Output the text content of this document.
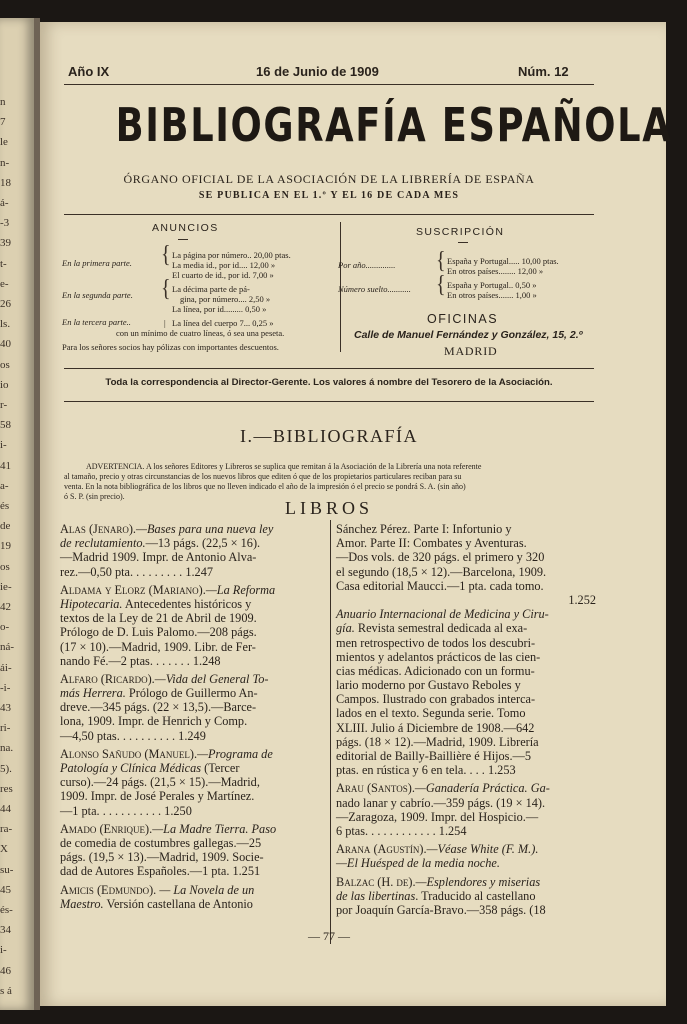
n
7
le
n-
18
á-
-3
39
t-
e-
26
ls.
40
os
io
r-
58
i-
41
a-
és
de
19
os
ie-
42
o-
ná-
ái-
-i-
43
ri-
na.
5).
res
44
ra-
X
su-
45
és-
34
i-
46
s á
Año IX	16 de Junio de 1909	Núm. 12
BIBLIOGRAFÍA ESPAÑOLA
ÓRGANO OFICIAL DE LA ASOCIACIÓN DE LA LIBRERÍA DE ESPAÑA
SE PUBLICA EN EL 1.º Y EL 16 DE CADA MES
ANUNCIOS
En la primera parte. { La página por número.. 20,00 ptas.
La media id., por id.... 12,00 »
El cuarto de id., por id. 7,00 »
En la segunda parte. { La décima parte de pá-
gina, por número.... 2,50 »
La línea, por id......... 0,50 »
En la tercera parte..	| La línea del cuerpo 7... 0,25 »
con un mínimo de cuatro líneas, ó sea una peseta.
Para los señores socios hay pólizas con importantes descuentos.
SUSCRIPCIÓN
Por año.............. { España y Portugal..... 10,00 ptas.
En otros países........ 12,00 »
Número suelto........... { España y Portugal.. 0,50 »
En otros países....... 1,00 »
OFICINAS
Calle de Manuel Fernández y González, 15, 2.º
MADRID
Toda la correspondencia al Director-Gerente. Los valores á nombre del Tesorero de la Asociación.
I.—BIBLIOGRAFÍA
ADVERTENCIA. A los señores Editores y Libreros se suplica que remitan á la Asociación de la Librería una nota referente
al tamaño, precio y otras circunstancias de los nuevos libros que editen ó que de los propietarios particulares reciban para su
venta. En la nota bibliográfica de los libros que no lleven indicado el año de la impresión ó el precio se pondrá S. A. (sin año)
ó S. P. (sin precio).
LIBROS
Alas (Jenaro).—Bases para una nueva ley
de reclutamiento.—13 págs. (22,5 × 16).
—Madrid 1909. Impr. de Antonio Alva-
rez.—0,50 pta. . . . . . . . . 1.247
Aldama y Elorz (Mariano).—La Reforma
Hipotecaria. Antecedentes históricos y
textos de la Ley de 21 de Abril de 1909.
Prólogo de D. Luis Palomo.—208 págs.
(17 × 10).—Madrid, 1909. Libr. de Fer-
nando Fé.—2 ptas. . . . . . . 1.248
Alfaro (Ricardo).—Vida del General To-
más Herrera. Prólogo de Guillermo An-
dreve.—345 págs. (22 × 13,5).—Barce-
lona, 1909. Impr. de Henrich y Comp.
—4,50 ptas. . . . . . . . . . 1.249
Alonso Sañudo (Manuel).—Programa de
Patología y Clínica Médicas (Tercer
curso).—24 págs. (21,5 × 15).—Madrid,
1909. Impr. de José Perales y Martínez.
—1 pta. . . . . . . . . . . 1.250
Amado (Enrique).—La Madre Tierra. Paso
de comedia de costumbres gallegas.—25
págs. (19,5 × 13).—Madrid, 1909. Socie-
dad de Autores Españoles.—1 pta. 1.251
Amicis (Edmundo). — La Novela de un
Maestro. Versión castellana de Antonio
Sánchez Pérez. Parte I: Infortunio y
Amor. Parte II: Combates y Aventuras.
—Dos vols. de 320 págs. el primero y 320
el segundo (18,5 × 12).—Barcelona, 1909.
Casa editorial Maucci.—1 pta. cada tomo.
1.252
Anuario Internacional de Medicina y Ciru-
gía. Revista semestral dedicada al exa-
men retrospectivo de todos los descubri-
mientos y adelantos prácticos de las cien-
cias médicas. Adicionado con un formu-
lario moderno por Gustavo Reboles y
Campos. Ilustrado con grabados interca-
lados en el texto. Segunda serie. Tomo
XLIII. Julio á Diciembre de 1908.—642
págs. (18 × 12).—Madrid, 1909. Librería
editorial de Bailly-Baillière é Hijos.—5
ptas. en rústica y 6 en tela. . . . 1.253
Arau (Santos).—Ganadería Práctica. Ga-
nado lanar y cabrío.—359 págs. (19 × 14).
—Zaragoza, 1909. Impr. del Hospicio.—
6 ptas. . . . . . . . . . . . 1.254
Arana (Agustín).—Véase White (F. M.).
—El Huésped de la media noche.
Balzac (H. de).—Esplendores y miserias
de las libertinas. Traducido al castellano
por Joaquín García-Bravo.—358 págs. (18
— 77 —
